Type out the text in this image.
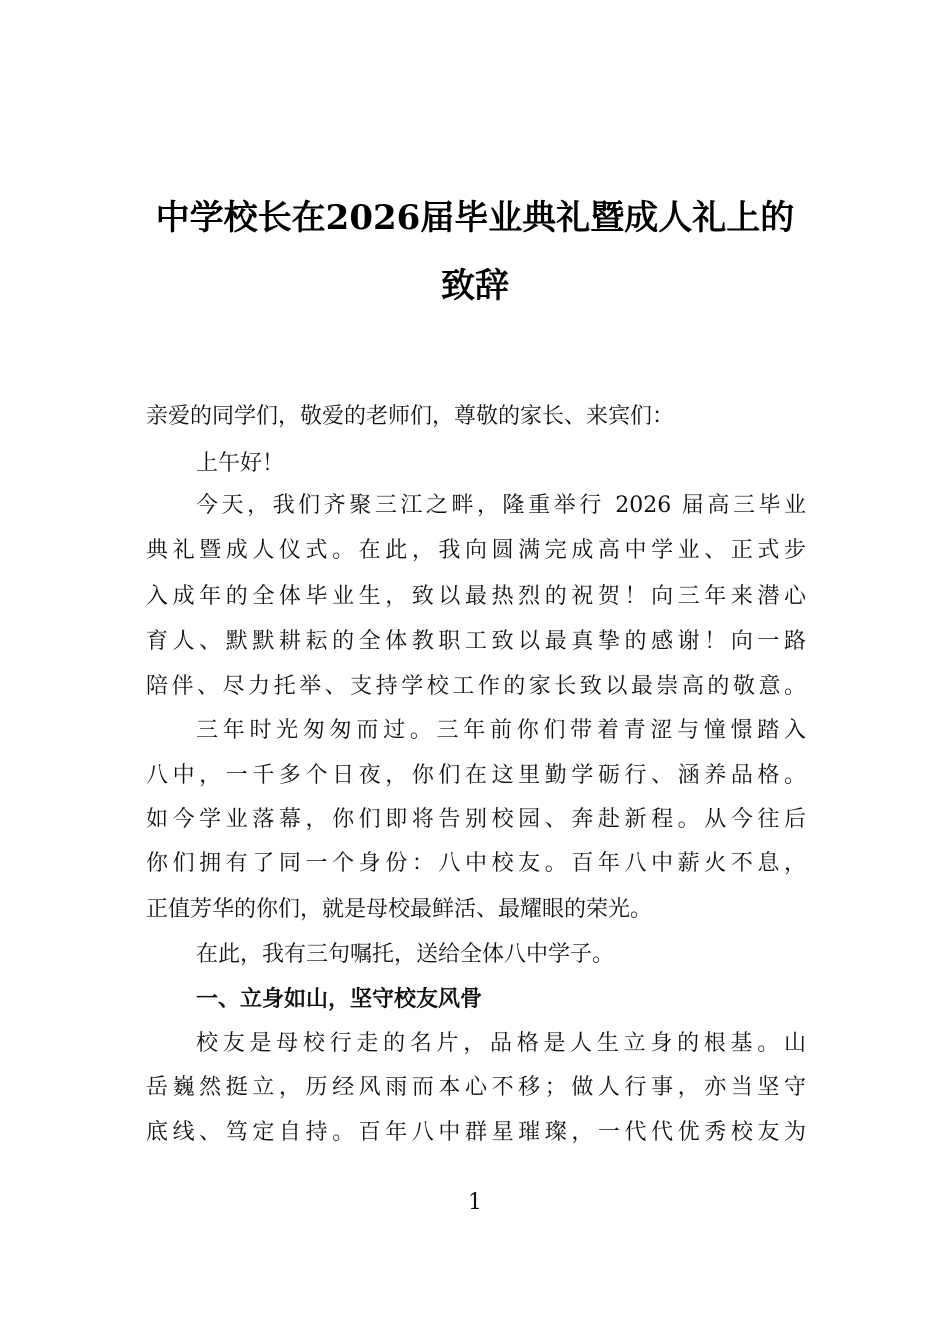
中学校长在2026届毕业典礼暨成人礼上的
致辞
亲爱的同学们，敬爱的老师们，尊敬的家长、来宾们：
上午好！
今天，我们齐聚三江之畔，隆重举行 2026 届高三毕业
典礼暨成人仪式。在此，我向圆满完成高中学业、正式步
入成年的全体毕业生，致以最热烈的祝贺！向三年来潜心
育人、默默耕耘的全体教职工致以最真挚的感谢！向一路
陪伴、尽力托举、支持学校工作的家长致以最崇高的敬意。
三年时光匆匆而过。三年前你们带着青涩与憧憬踏入
八中，一千多个日夜，你们在这里勤学砺行、涵养品格。
如今学业落幕，你们即将告别校园、奔赴新程。从今往后
你们拥有了同一个身份：八中校友。百年八中薪火不息，
正值芳华的你们，就是母校最鲜活、最耀眼的荣光。
在此，我有三句嘱托，送给全体八中学子。
一、立身如山，坚守校友风骨
校友是母校行走的名片，品格是人生立身的根基。山
岳巍然挺立，历经风雨而本心不移；做人行事，亦当坚守
底线、笃定自持。百年八中群星璀璨，一代代优秀校友为
1
